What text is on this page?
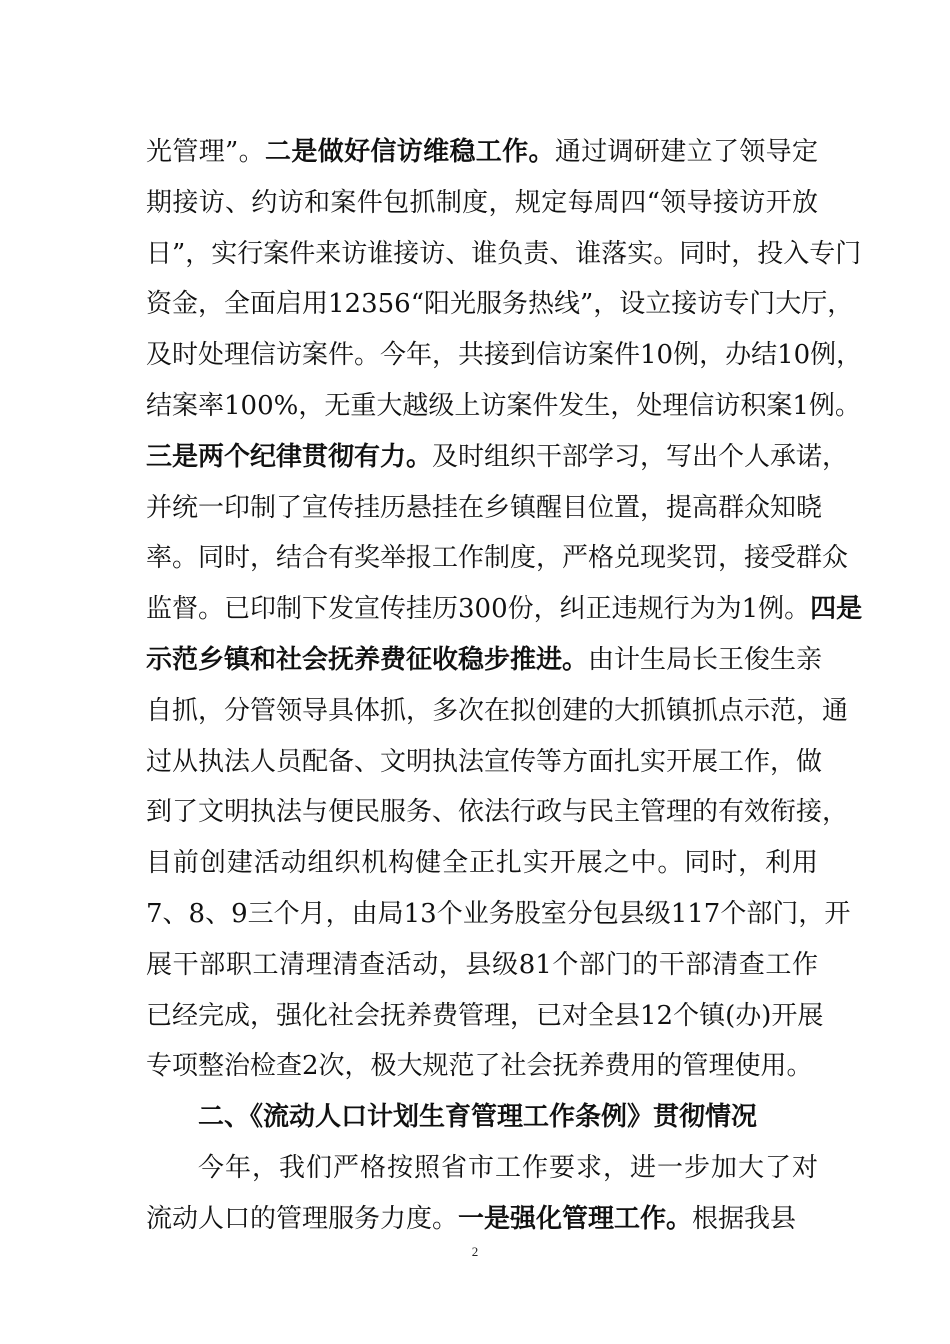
光管理”。二是做好信访维稳工作。通过调研建立了领导定
期接访、约访和案件包抓制度，规定每周四“领导接访开放
日”，实行案件来访谁接访、谁负责、谁落实。同时，投入专门
资金，全面启用12356“阳光服务热线”，设立接访专门大厅，
及时处理信访案件。今年，共接到信访案件10例，办结10例，
结案率100%，无重大越级上访案件发生，处理信访积案1例。
三是两个纪律贯彻有力。及时组织干部学习，写出个人承诺，
并统一印制了宣传挂历悬挂在乡镇醒目位置，提高群众知晓
率。同时，结合有奖举报工作制度，严格兑现奖罚，接受群众
监督。已印制下发宣传挂历300份，纠正违规行为为1例。四是
示范乡镇和社会抚养费征收稳步推进。由计生局长王俊生亲
自抓，分管领导具体抓，多次在拟创建的大抓镇抓点示范，通
过从执法人员配备、文明执法宣传等方面扎实开展工作，做
到了文明执法与便民服务、依法行政与民主管理的有效衔接，
目前创建活动组织机构健全正扎实开展之中。同时，利用
7、8、9三个月，由局13个业务股室分包县级117个部门，开
展干部职工清理清查活动，县级81个部门的干部清查工作
已经完成，强化社会抚养费管理，已对全县12个镇(办)开展
专项整治检查2次，极大规范了社会抚养费用的管理使用。
二、《流动人口计划生育管理工作条例》贯彻情况
今年，我们严格按照省市工作要求，进一步加大了对
流动人口的管理服务力度。一是强化管理工作。根据我县
2
